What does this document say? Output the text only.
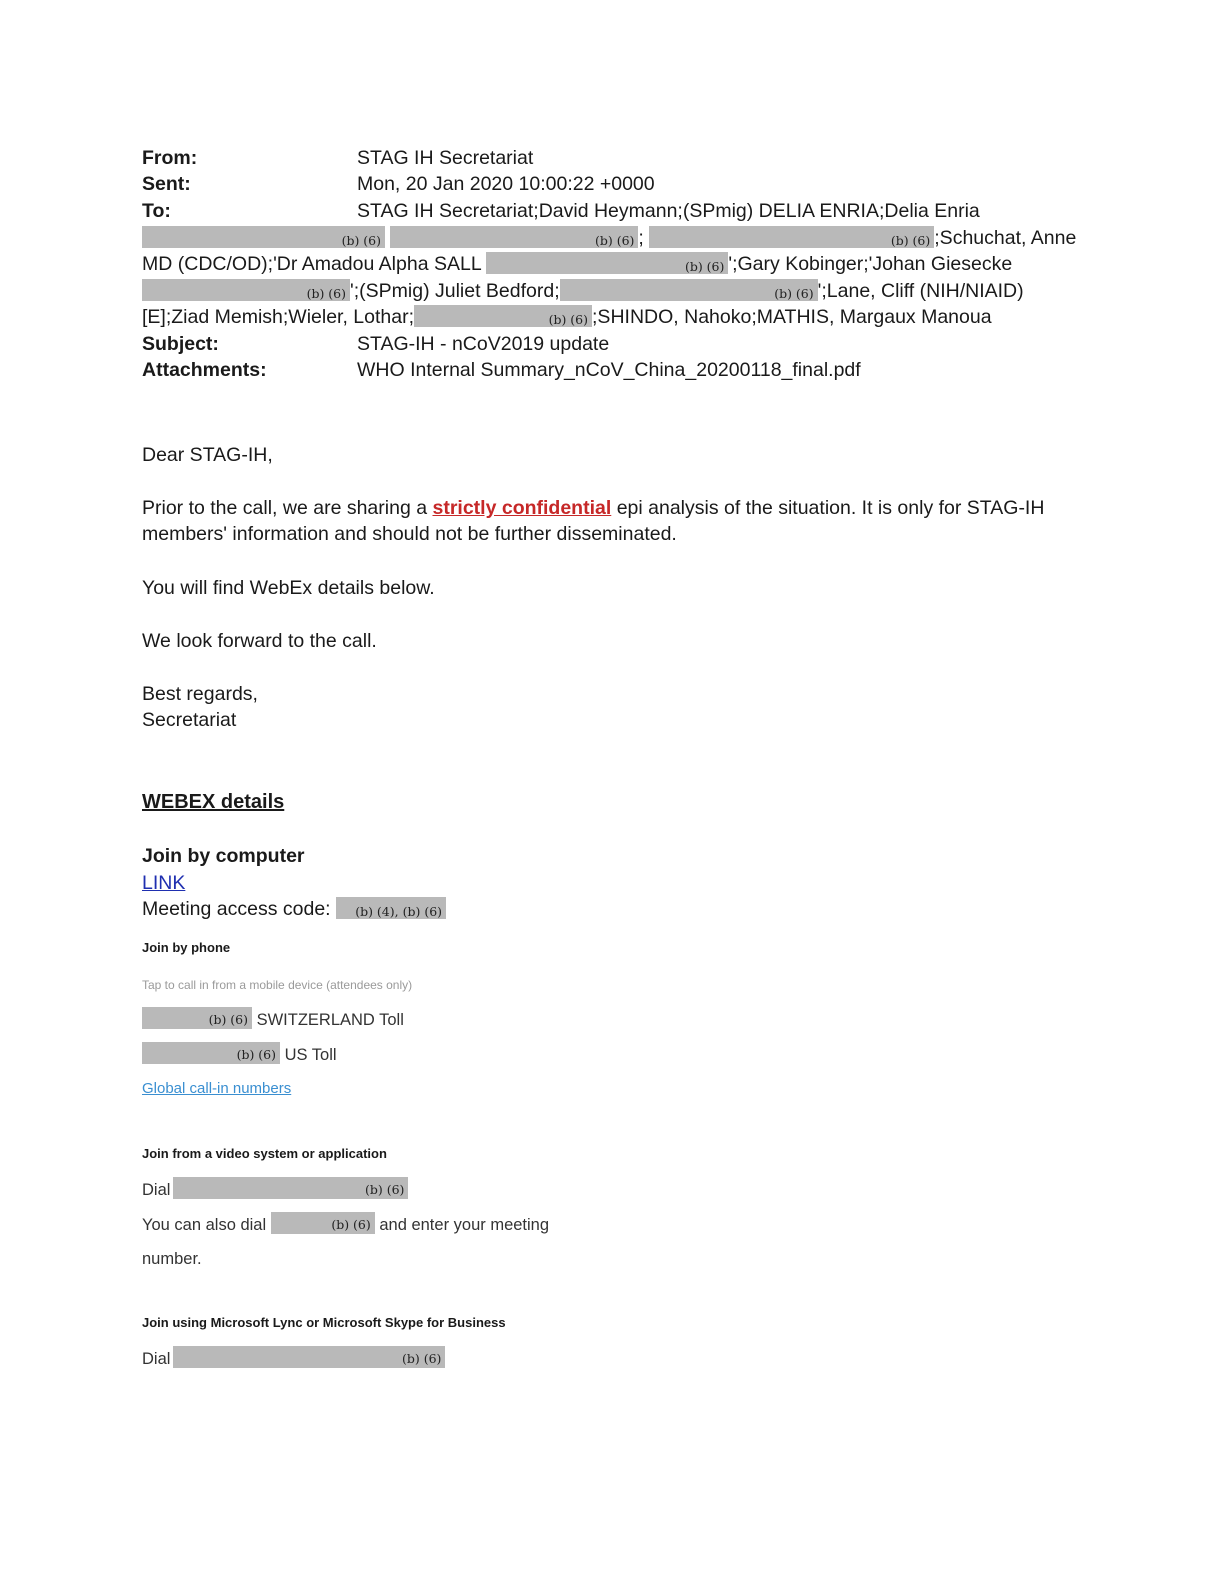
From:	STAG IH Secretariat
Sent:	Mon, 20 Jan 2020 10:00:22 +0000
To:	STAG IH Secretariat;David Heymann;(SPmig) DELIA ENRIA;Delia Enria
(b) (6)
	(b) (6) ;	(b) (6) ;Schuchat, Anne
MD (CDC/OD);'Dr Amadou Alpha SALL	(b) (6) ';Gary Kobinger;'Johan Giesecke
(b) (6) ';(SPmig) Juliet Bedford;	(b) (6) ';Lane, Cliff (NIH/NIAID)
[E];Ziad Memish;Wieler, Lothar;	(b) (6) ;SHINDO, Nahoko;MATHIS, Margaux Manoua
Subject:	STAG-IH - nCoV2019 update
Attachments:	WHO Internal Summary_nCoV_China_20200118_final.pdf
Dear STAG-IH,
Prior to the call, we are sharing a strictly confidential epi analysis of the situation. It is only for STAG-IH
members' information and should not be further disseminated.
You will find WebEx details below.
We look forward to the call.
Best regards,
Secretariat
WEBEX details
Join by computer
LINK
Meeting access code: (b) (4), (b) (6)
Join by phone
Tap to call in from a mobile device (attendees only)
(b) (6) SWITZERLAND Toll
(b) (6) US Toll
Global call-in numbers
Join from a video system or application
Dial	(b) (6)
You can also dial	(b) (6) and enter your meeting
number.
Join using Microsoft Lync or Microsoft Skype for Business
Dial	(b) (6)
